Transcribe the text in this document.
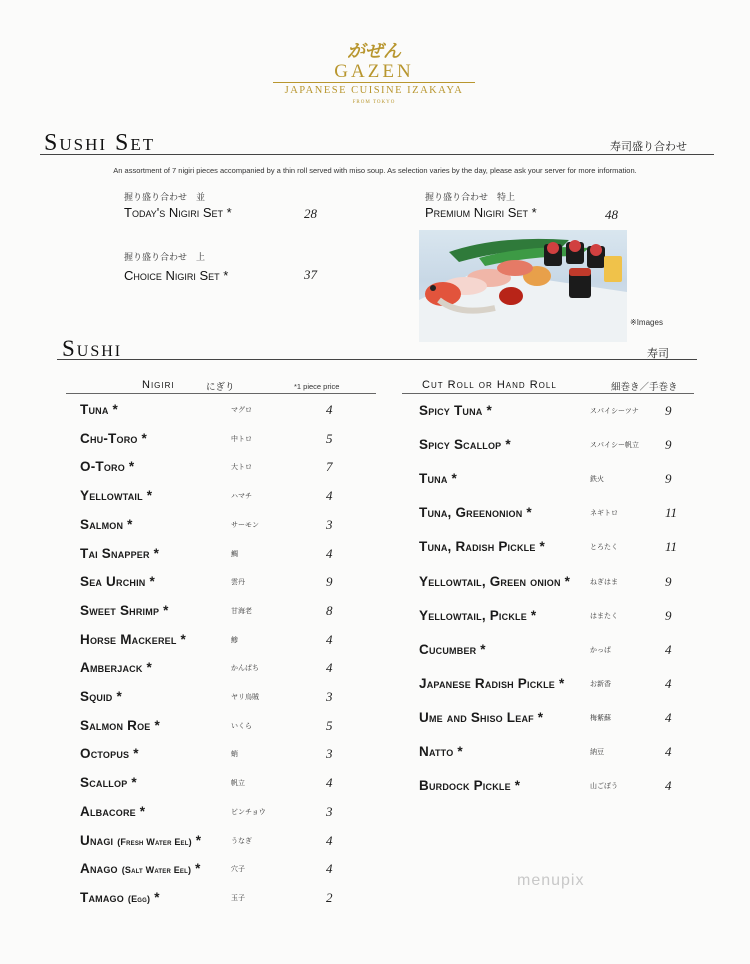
がぜん
GAZEN
JAPANESE CUISINE IZAKAYA
FROM TOKYO
Sushi Set	寿司盛り合わせ
An assortment of 7 nigiri pieces accompanied by a thin roll served with miso soup. As selection varies by the day, please ask your server for more information.
握り盛り合わせ　並
Today's Nigiri Set *	28
握り盛り合わせ　上
Choice Nigiri Set *	37
握り盛り合わせ　特上
Premium Nigiri Set *	48
※Images
Sushi	寿司
Nigiri	にぎり	*1 piece price	Cut Roll or Hand Roll	細巻き／手巻き
Tuna *	マグロ	4
Chu-Toro *	中トロ	5
O-Toro *	大トロ	7
Yellowtail *	ハマチ	4
Salmon *	サーモン	3
Tai Snapper *	鯛	4
Sea Urchin *	雲丹	9
Sweet Shrimp *	甘海老	8
Horse Mackerel *	鯵	4
Amberjack *	かんぱち	4
Squid *	ヤリ烏賊	3
Salmon Roe *	いくら	5
Octopus *	蛸	3
Scallop *	帆立	4
Albacore *	ビンチョウ	3
Unagi (Fresh Water Eel) *	うなぎ	4
Anago (Salt Water Eel) *	穴子	4
Tamago (Egg) *	玉子	2
Spicy Tuna *	スパイシーツナ 9
Spicy Scallop *	スパイシー帆立 9
Tuna *	鉄火	9
Tuna, Greenonion *	ネギトロ	11
Tuna, Radish Pickle *	とろたく	11
Yellowtail, Green onion *	ねぎはま	9
Yellowtail, Pickle *	はまたく	9
Cucumber *	かっぱ	4
Japanese Radish Pickle *	お新香	4
Ume and Shiso Leaf *	梅紫蘇	4
Natto *	納豆	4
Burdock Pickle *	山ごぼう	4
menupix
